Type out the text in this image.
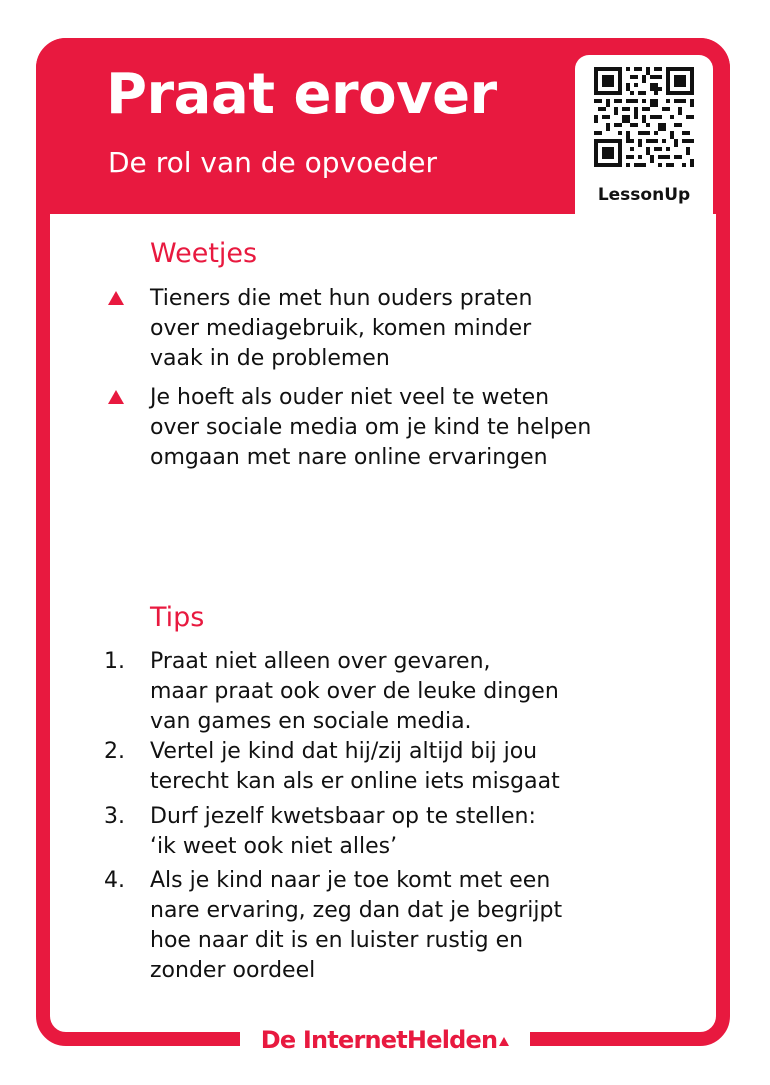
Praat erover
De rol van de opvoeder
LessonUp
Weetjes
Tieners die met hun ouders praten
over mediagebruik, komen minder
vaak in de problemen
Je hoeft als ouder niet veel te weten
over sociale media om je kind te helpen
omgaan met nare online ervaringen
Tips
1. Praat niet alleen over gevaren,
maar praat ook over de leuke dingen
van games en sociale media.
2. Vertel je kind dat hij/zij altijd bij jou
terecht kan als er online iets misgaat
3. Durf jezelf kwetsbaar op te stellen:
‘ik weet ook niet alles’
4. Als je kind naar je toe komt met een
nare ervaring, zeg dan dat je begrijpt
hoe naar dit is en luister rustig en
zonder oordeel
De InternetHelden
